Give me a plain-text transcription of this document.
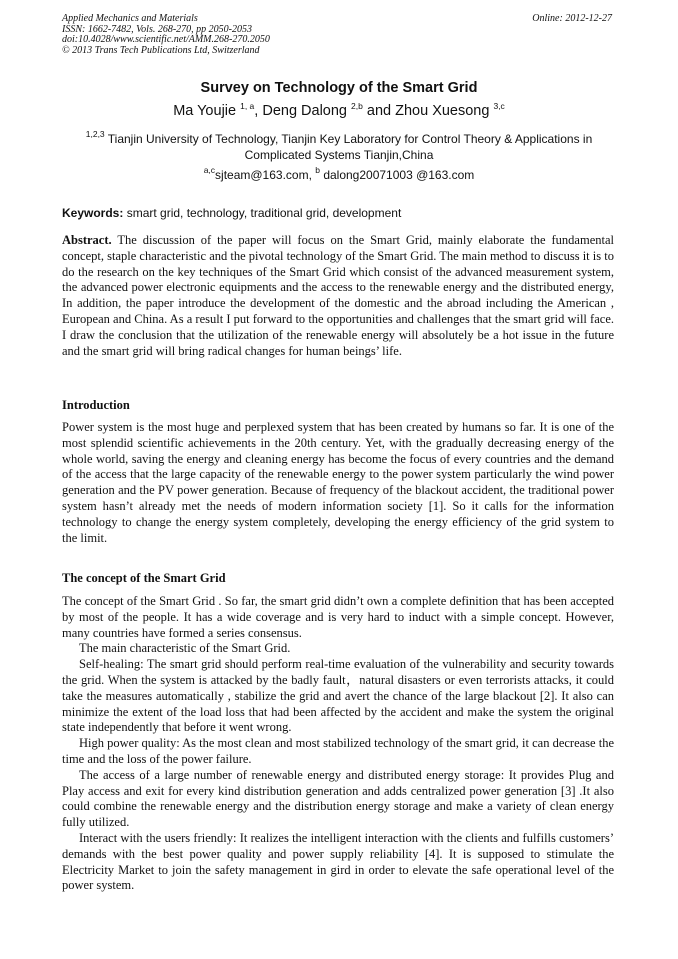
Applied Mechanics and Materials
ISSN: 1662-7482, Vols. 268-270, pp 2050-2053
doi:10.4028/www.scientific.net/AMM.268-270.2050
© 2013 Trans Tech Publications Ltd, Switzerland
Online: 2012-12-27
Survey on Technology of the Smart Grid
Ma Youjie $^{1, a}$, Deng Dalong $^{2,b}$ and Zhou Xuesong $^{3,c}$
$^{1,2,3}$ Tianjin University of Technology, Tianjin Key Laboratory for Control Theory & Applications in Complicated Systems Tianjin,China
$^{a,c}$sjteam@163.com, $^b$ dalong20071003 @163.com
Keywords: smart grid, technology, traditional grid, development

Abstract. The discussion of the paper will focus on the Smart Grid, mainly elaborate the fundamental concept, staple characteristic and the pivotal technology of the Smart Grid. The main method to discuss it is to do the research on the key techniques of the Smart Grid which consist of the advanced measurement system, the advanced power electronic equipments and the access to the renewable energy and the distributed energy, In addition, the paper introduce the development of the domestic and the abroad including the American , European and China. As a result I put forward to the opportunities and challenges that the smart grid will face. I draw the conclusion that the utilization of the renewable energy will absolutely be a hot issue in the future and the smart grid will bring radical changes for human beings’ life.

Introduction

Power system is the most huge and perplexed system that has been created by humans so far. It is one of the most splendid scientific achievements in the 20th century. Yet, with the gradually decreasing energy of the whole world, saving the energy and cleaning energy has become the focus of every countries and the demand of the access that the large capacity of the renewable energy to the power system particularly the wind power generation and the PV power generation. Because of frequency of the blackout accident, the traditional power system hasn’t already met the needs of modern information society [1]. So it calls for the information technology to change the energy system completely, developing the energy efficiency of the grid system to the limit.

The concept of the Smart Grid

The concept of the Smart Grid . So far, the smart grid didn’t own a complete definition that has been accepted by most of the people. It has a wide coverage and is very hard to induct with a simple concept. However, many countries have formed a series consensus.

The main characteristic of the Smart Grid.

Self-healing: The smart grid should perform real-time evaluation of the vulnerability and security towards the grid. When the system is attacked by the badly fault，natural disasters or even terrorists attacks, it could take the measures automatically , stabilize the grid and avert the chance of the large blackout [2]. It also can minimize the extent of the load loss that had been affected by the accident and make the system the original state independently that before it went wrong.

High power quality: As the most clean and most stabilized technology of the smart grid, it can decrease the time and the loss of the power failure.

The access of a large number of renewable energy and distributed energy storage: It provides Plug and Play access and exit for every kind distribution generation and adds centralized power generation [3] .It also could combine the renewable energy and the distribution energy storage and make a variety of clean energy fully utilized.

Interact with the users friendly: It realizes the intelligent interaction with the clients and fulfills customers’ demands with the best power quality and power supply reliability [4]. It is supposed to stimulate the Electricity Market to join the safety management in gird in order to elevate the safe operational level of the power system.
